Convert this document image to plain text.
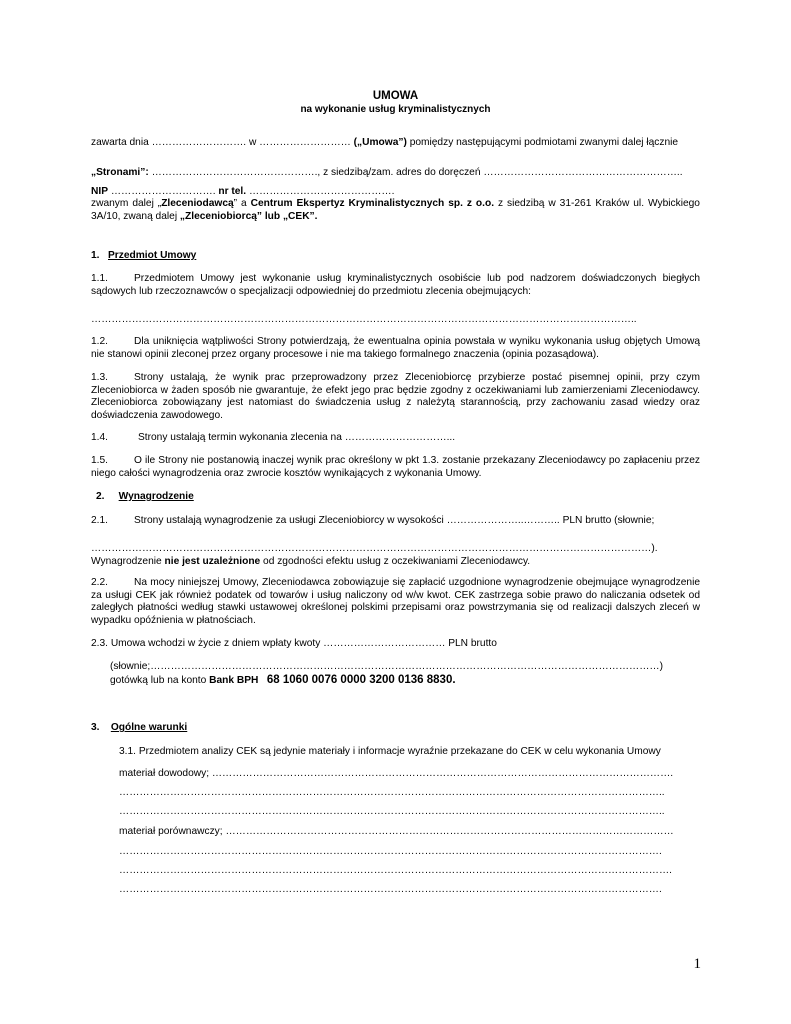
UMOWA
na wykonanie usług kryminalistycznych
zawarta dnia ………………………. w ……………………… („Umowa”) pomiędzy następującymi podmiotami zwanymi dalej łącznie
„Stronami”: …………………………………………., z siedzibą/zam. adres do doręczeń …………………………………………………..
NIP …………………………. nr tel. …………………………………….
zwanym dalej „Zleceniodawcą” a Centrum Ekspertyz Kryminalistycznych sp. z o.o. z siedzibą w 31-261 Kraków ul. Wybickiego 3A/10, zwaną dalej „Zleceniobiorcą” lub „CEK”.
1. Przedmiot Umowy
1.1.	Przedmiotem Umowy jest wykonanie usług kryminalistycznych osobiście lub pod nadzorem doświadczonych biegłych sądowych lub rzeczoznawców o specjalizacji odpowiedniej do przedmiotu zlecenia obejmujących:
……………………………………………………………………………………………………………………………………………..
1.2.	Dla uniknięcia wątpliwości Strony potwierdzają, że ewentualna opinia powstała w wyniku wykonania usług objętych Umową nie stanowi opinii zleconej przez organy procesowe i nie ma takiego formalnego znaczenia (opinia pozasądowa).
1.3.	Strony ustalają, że wynik prac przeprowadzony przez Zleceniobiorcę przybierze postać pisemnej opinii, przy czym Zleceniobiorca w żaden sposób nie gwarantuje, że efekt jego prac będzie zgodny z oczekiwaniami lub zamierzeniami Zleceniodawcy. Zleceniobiorca zobowiązany jest natomiast do świadczenia usług z należytą starannością, przy zachowaniu zasad wiedzy oraz doświadczenia zawodowego.
1.4.	Strony ustalają termin wykonania zlecenia na …………………………...
1.5.	O ile Strony nie postanowią inaczej wynik prac określony w pkt 1.3. zostanie przekazany Zleceniodawcy po zapłaceniu przez niego całości wynagrodzenia oraz zwrocie kosztów wynikających z wykonania Umowy.
2. Wynagrodzenie
2.1.	Strony ustalają wynagrodzenie za usługi Zleceniobiorcy w wysokości …………………..……….. PLN brutto (słownie;
…………………………………………………………………………………………………………………………………………………).
Wynagrodzenie nie jest uzależnione od zgodności efektu usług z oczekiwaniami Zleceniodawcy.
2.2.	Na mocy niniejszej Umowy, Zleceniodawca zobowiązuje się zapłacić uzgodnione wynagrodzenie obejmujące wynagrodzenie za usługi CEK jak również podatek od towarów i usług naliczony od w/w kwot. CEK zastrzega sobie prawo do naliczania odsetek od zaległych płatności według stawki ustawowej określonej polskimi przepisami oraz powstrzymania się od realizacji dalszych zleceń w wypadku opóźnienia w płatnościach.
2.3. Umowa wchodzi w życie z dniem wpłaty kwoty ……………………………… PLN brutto
(słownie;……………………………………………………………………………………………………………………………………)
gotówką lub na konto Bank BPH 68 1060 0076 0000 3200 0136 8830.
3. Ogólne warunki
3.1. Przedmiotem analizy CEK są jedynie materiały i informacje wyraźnie przekazane do CEK w celu wykonania Umowy
materiał dowodowy; ……………………………………………………………………………………………………………………….
……………………………………………………………………………………………………………………………………………..
……………………………………………………………………………………………………………………………………………..
materiał porównawczy; ……………………………………………………………………………………………………………………
…………………………………………………………………………………………………………………………………………….
……………………………………………………………………………………………………………………………………………….
…………………………………………………………………………………………………………………………………………….
1
